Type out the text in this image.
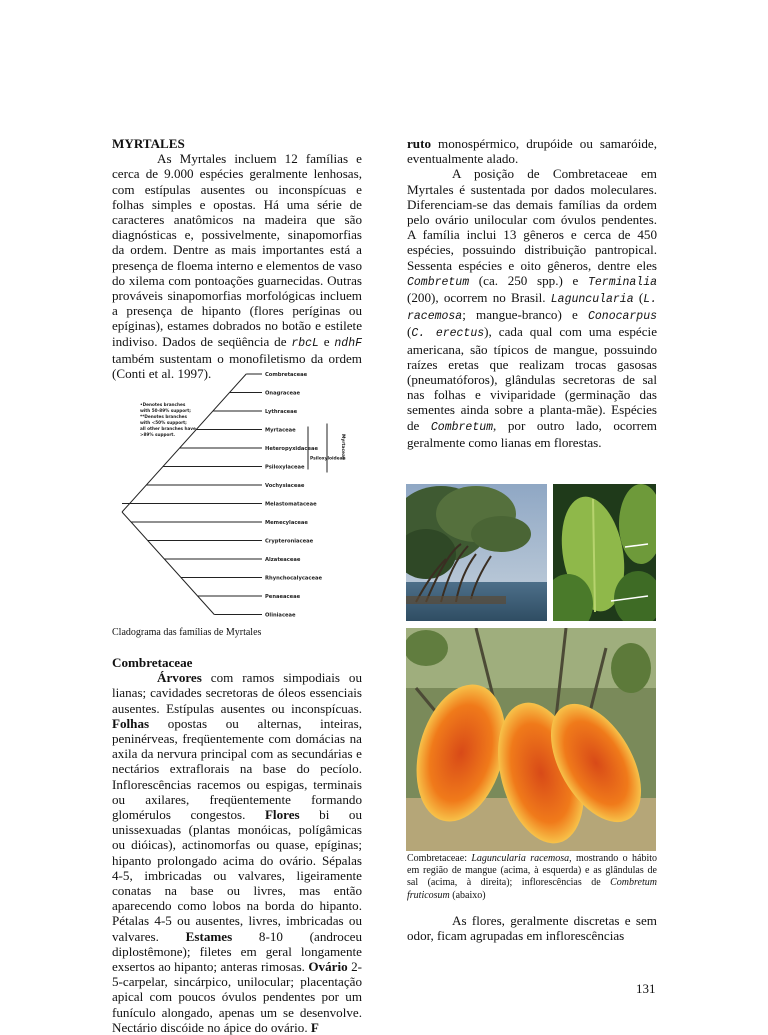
MYRTALES

As Myrtales incluem 12 famílias e cerca de 9.000 espécies geralmente lenhosas, com estípulas ausentes ou inconspícuas e folhas simples e opostas. Há uma série de caracteres anatômicos na madeira que são diagnósticas e, possivelmente, sinapomorfias da ordem. Dentre as mais importantes está a presença de floema interno e elementos de vaso do xilema com pontoações guarnecidas. Outras prováveis sinapomorfias morfológicas incluem a presença de hipanto (flores períginas ou epíginas), estames dobrados no botão e estilete indiviso. Dados de seqüência de rbcL e ndhF também sustentam o monofiletismo da ordem (Conti et al. 1997).	Combretaceae
Onagraceae
Lythraceae
Myrtaceae
Heteropyxidaceae
Psiloxylaceae
Vochysiaceae
Melastomataceae
Memecylaceae
Crypteroniaceae
Alzateaceae
Rhynchocalycaceae
Penaeaceae
Oliniaceae
Psiloxyloideae
Myrtaceae
•Denotes branches
with 50-89% support;
**Denotes branches
with <50% support;
all other branches have
>89% support.
Cladograma das famílias de Myrtales

Combretaceae

Árvores com ramos simpodiais ou lianas; cavidades secretoras de óleos essenciais ausentes. Estípulas ausentes ou inconspícuas. Folhas opostas ou alternas, inteiras, peninérveas, freqüentemente com domácias na axila da nervura principal com as secundárias e nectários extraflorais na base do pecíolo. Inflorescências racemos ou espigas, terminais ou axilares, freqüentemente formando glomérulos congestos. Flores bi ou unissexuadas (plantas monóicas, polígâmicas ou dióicas), actinomorfas ou quase, epíginas; hipanto prolongado acima do ovário. Sépalas 4-5, imbricadas ou valvares, ligeiramente conatas na base ou livres, mas então aparecendo como lobos na borda do hipanto. Pétalas 4-5 ou ausentes, livres, imbricadas ou valvares. Estames 8-10 (androceu diplostêmone); filetes em geral longamente exsertos ao hipanto; anteras rimosas. Ovário 2-5-carpelar, sincárpico, unilocular; placentação apical com poucos óvulos pendentes por um funículo alongado, apenas um se desenvolve. Nectário discóide no ápice do ovário. F

ruto monospérmico, drupóide ou samaróide, eventualmente alado.

A posição de Combretaceae em Myrtales é sustentada por dados moleculares. Diferenciam-se das demais famílias da ordem pelo ovário unilocular com óvulos pendentes. A família inclui 13 gêneros e cerca de 450 espécies, possuindo distribuição pantropical. Sessenta espécies e oito gêneros, dentre eles Combretum (ca. 250 spp.) e Terminalia (200), ocorrem no Brasil. Laguncularia (L. racemosa; mangue-branco) e Conocarpus (C. erectus), cada qual com uma espécie americana, são típicos de mangue, possuindo raízes eretas que realizam trocas gasosas (pneumatóforos), glândulas secretoras de sal nas folhas e viviparidade (germinação das sementes ainda sobre a planta-mãe). Espécies de Combretum, por outro lado, ocorrem geralmente como lianas em florestas.

Combretaceae: Laguncularia racemosa, mostrando o hábito em região de mangue (acima, à esquerda) e as glândulas de sal (acima, à direita); inflorescências de Combretum fruticosum (abaixo)

As flores, geralmente discretas e sem odor, ficam agrupadas em inflorescências

131
